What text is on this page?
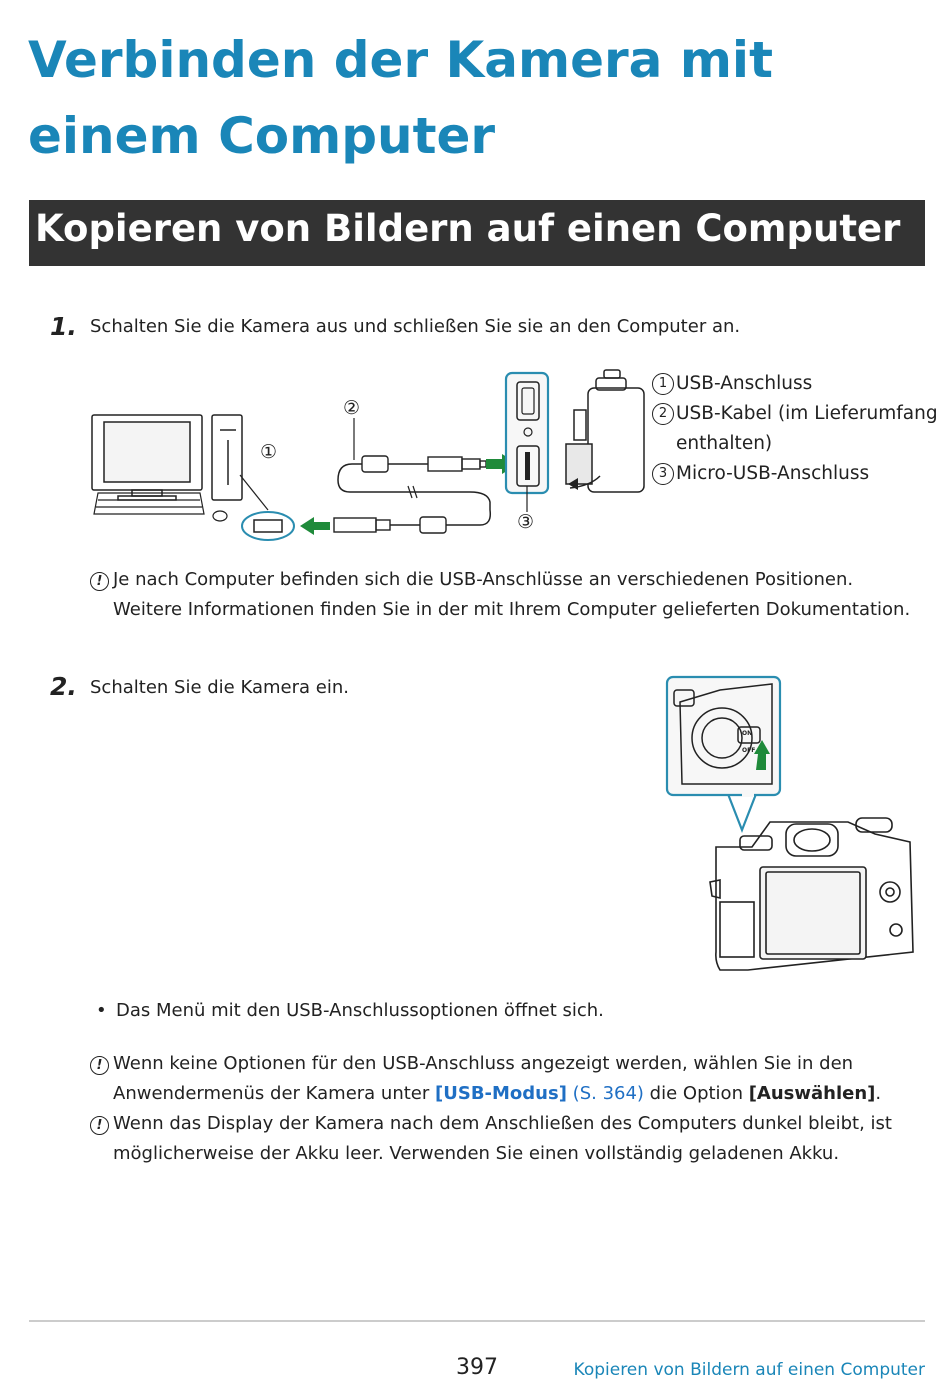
Verbinden der Kamera mit einem Computer
Kopieren von Bildern auf einen Computer
1. Schalten Sie die Kamera aus und schließen Sie sie an den Computer an.
②
①
③
1 USB-Anschluss
2 USB-Kabel (im Lieferumfang enthalten)
3 Micro-USB-Anschluss
! Je nach Computer befinden sich die USB-Anschlüsse an verschiedenen Positionen. Weitere Informationen finden Sie in der mit Ihrem Computer gelieferten Dokumentation.
2. Schalten Sie die Kamera ein.
ON
OFF
• Das Menü mit den USB-Anschlussoptionen öffnet sich.
! Wenn keine Optionen für den USB-Anschluss angezeigt werden, wählen Sie in den Anwendermenüs der Kamera unter [USB-Modus] (S. 364) die Option [Auswählen].
! Wenn das Display der Kamera nach dem Anschließen des Computers dunkel bleibt, ist möglicherweise der Akku leer. Verwenden Sie einen vollständig geladenen Akku.
397	Kopieren von Bildern auf einen Computer
